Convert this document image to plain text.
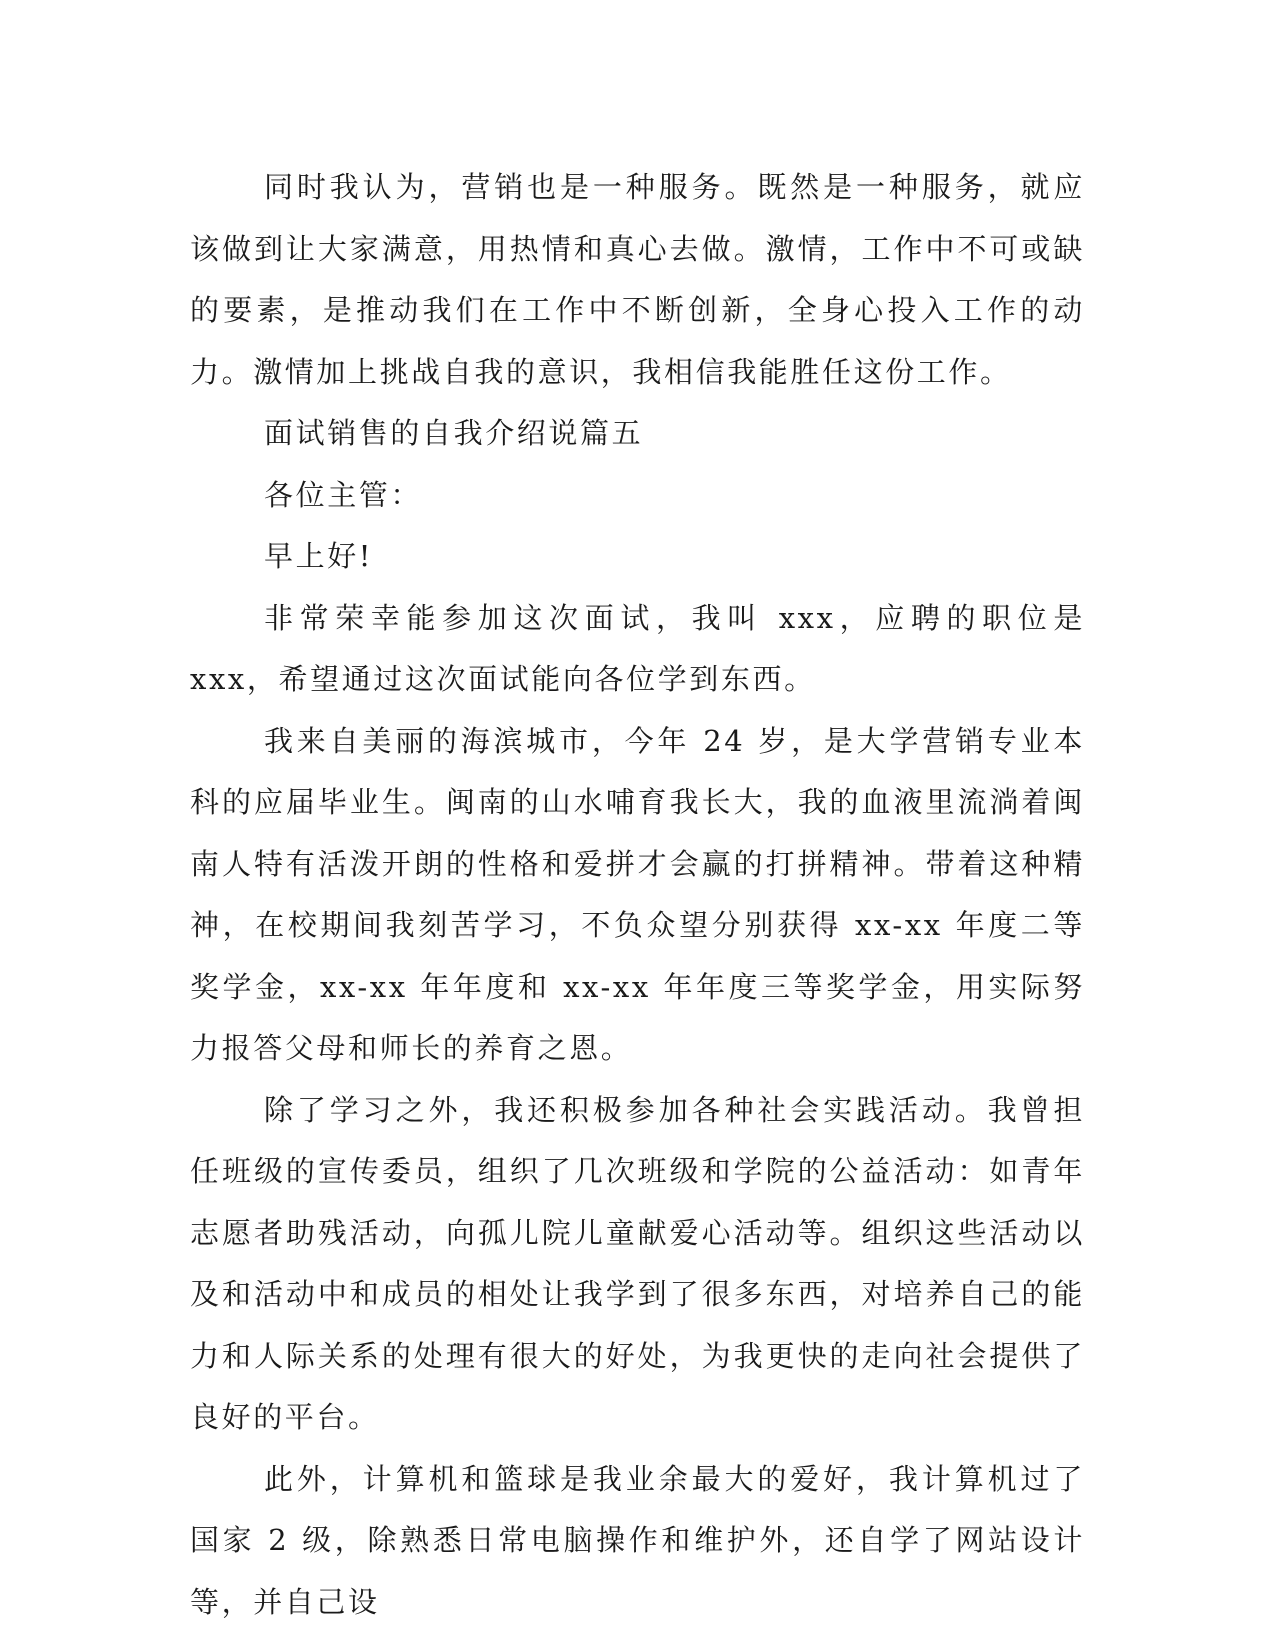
同时我认为，营销也是一种服务。既然是一种服务，就应该做到让大家满意，用热情和真心去做。激情，工作中不可或缺的要素，是推动我们在工作中不断创新，全身心投入工作的动力。激情加上挑战自我的意识，我相信我能胜任这份工作。

面试销售的自我介绍说篇五

各位主管：

早上好!

非常荣幸能参加这次面试，我叫 xxx，应聘的职位是 xxx，希望通过这次面试能向各位学到东西。

我来自美丽的海滨城市，今年 24 岁，是大学营销专业本科的应届毕业生。闽南的山水哺育我长大，我的血液里流淌着闽南人特有活泼开朗的性格和爱拼才会赢的打拼精神。带着这种精神，在校期间我刻苦学习，不负众望分别获得 xx-xx 年度二等奖学金，xx-xx 年年度和 xx-xx 年年度三等奖学金，用实际努力报答父母和师长的养育之恩。

除了学习之外，我还积极参加各种社会实践活动。我曾担任班级的宣传委员，组织了几次班级和学院的公益活动：如青年志愿者助残活动，向孤儿院儿童献爱心活动等。组织这些活动以及和活动中和成员的相处让我学到了很多东西，对培养自己的能力和人际关系的处理有很大的好处，为我更快的走向社会提供了良好的平台。

此外，计算机和篮球是我业余最大的爱好，我计算机过了国家 2 级，除熟悉日常电脑操作和维护外，还自学了网站设计等，并自己设
